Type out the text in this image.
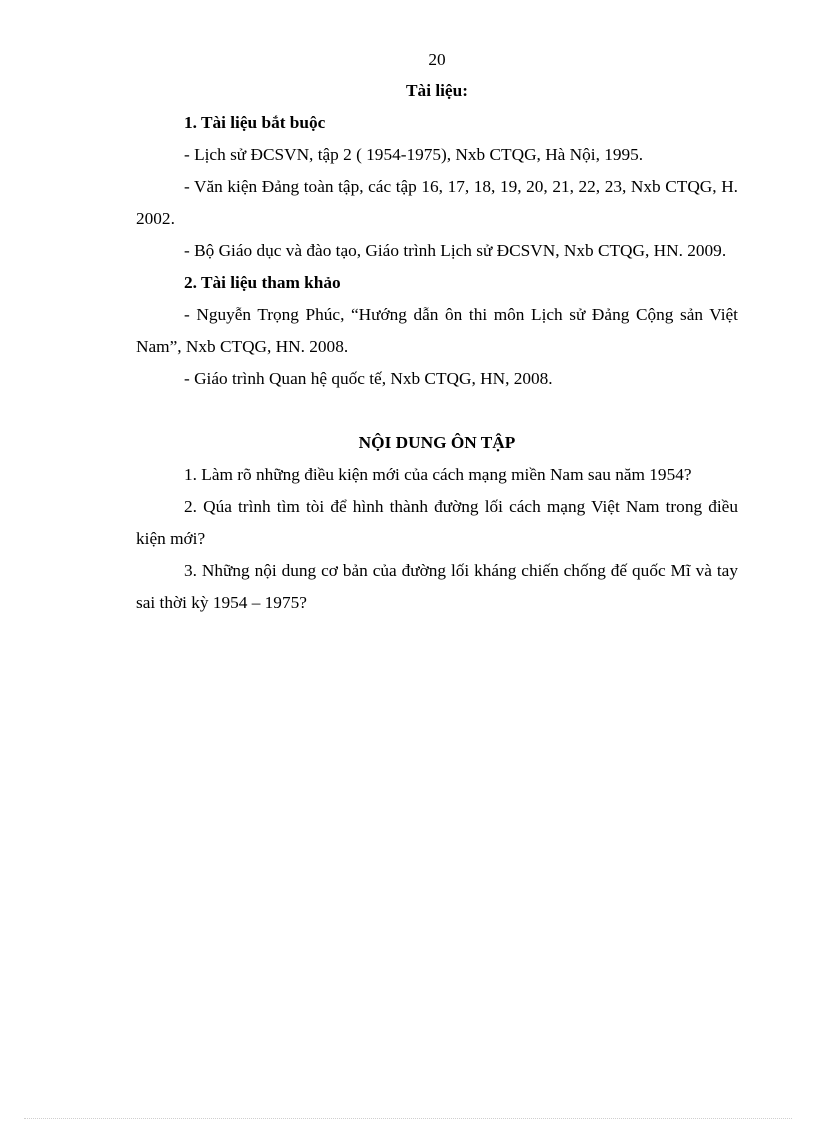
20
Tài liệu:

1. Tài liệu bắt buộc

- Lịch sử ĐCSVN, tập 2 ( 1954-1975), Nxb CTQG, Hà Nội, 1995.

- Văn kiện Đảng toàn tập, các tập 16, 17, 18, 19, 20, 21, 22, 23, Nxb CTQG, H. 2002.

- Bộ Giáo dục và đào tạo, Giáo trình Lịch sử ĐCSVN, Nxb CTQG, HN. 2009.

2. Tài liệu tham khảo

- Nguyễn Trọng Phúc, “Hướng dẫn ôn thi môn Lịch sử Đảng Cộng sản Việt Nam”, Nxb CTQG, HN. 2008.

- Giáo trình Quan hệ quốc tế, Nxb CTQG, HN, 2008.

NỘI DUNG ÔN TẬP

1. Làm rõ những điều kiện mới của cách mạng miền Nam sau năm 1954?

2. Qúa trình tìm tòi để hình thành đường lối cách mạng Việt Nam trong điều kiện mới?

3. Những nội dung cơ bản của đường lối kháng chiến chống đế quốc Mĩ và tay sai thời kỳ 1954 – 1975?
